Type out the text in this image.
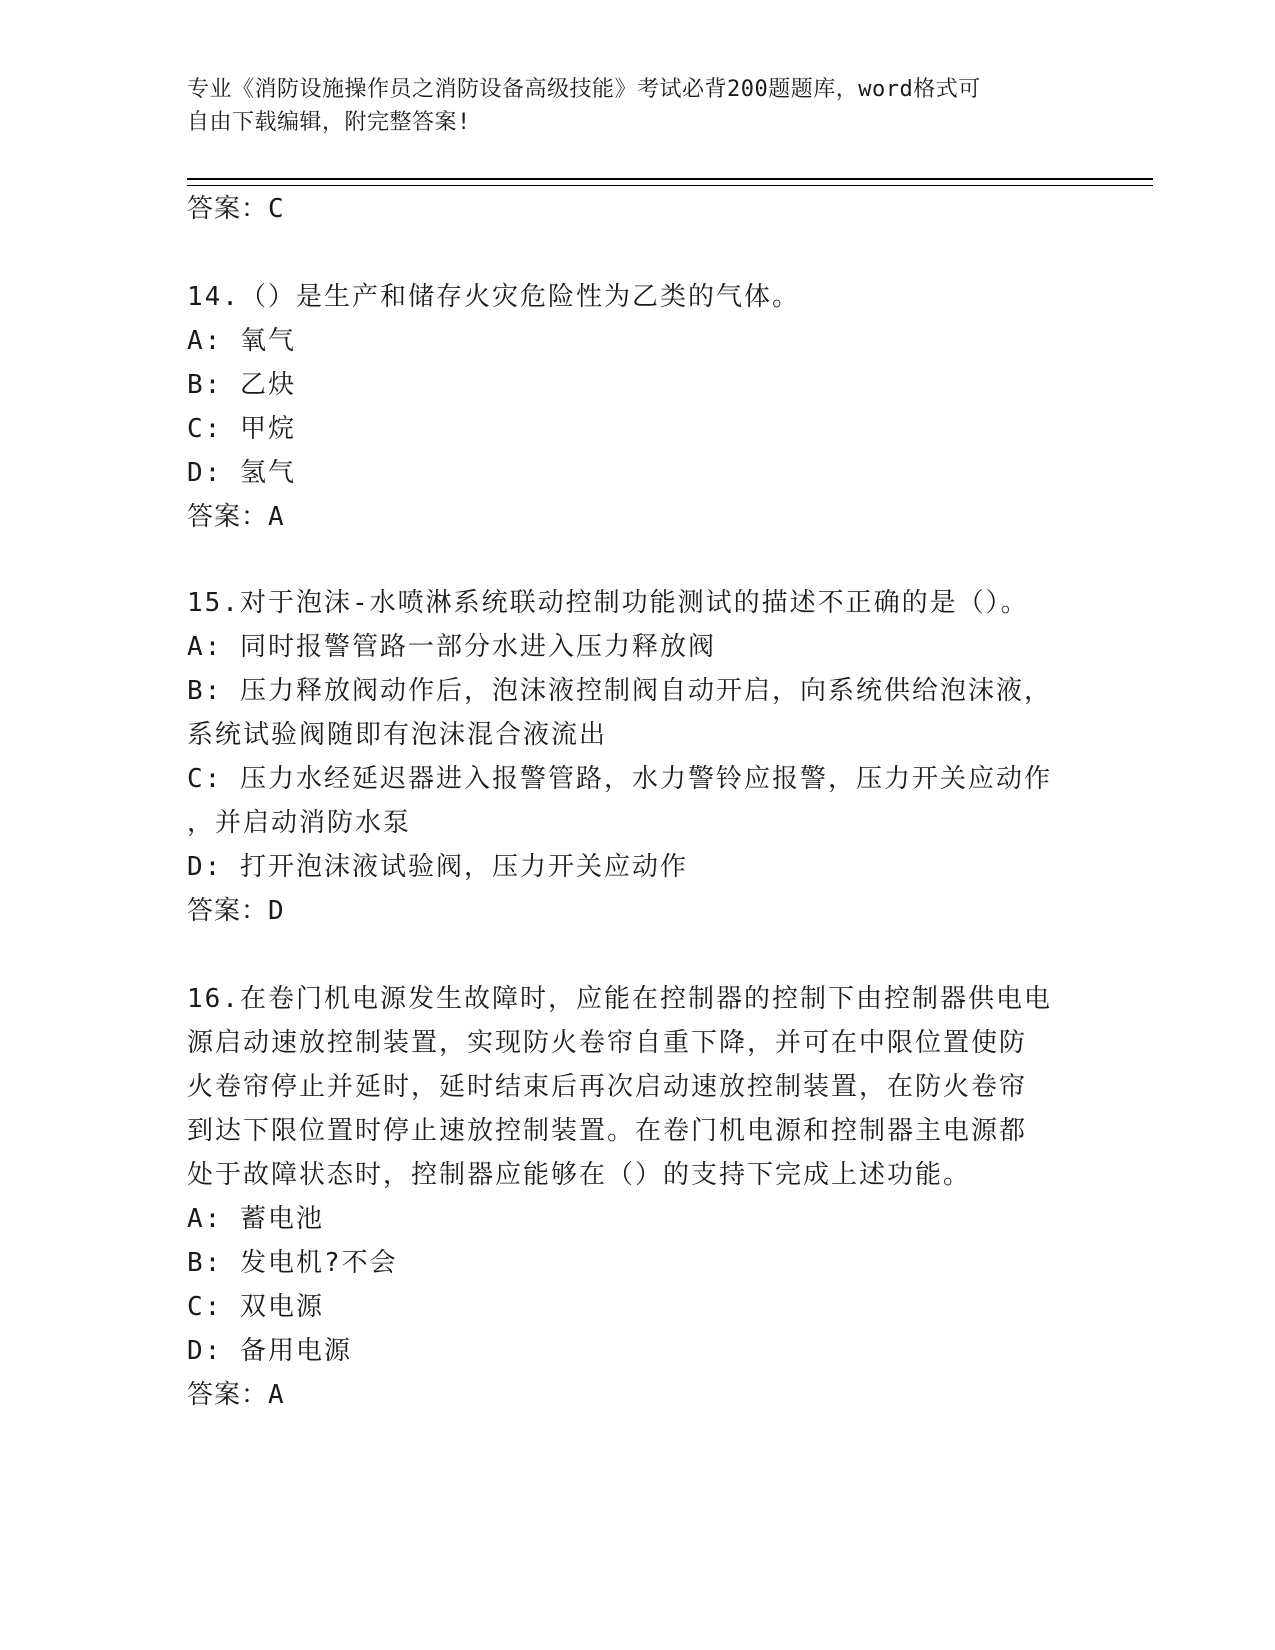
专业《消防设施操作员之消防设备高级技能》考试必背200题题库，word格式可
自由下载编辑，附完整答案!
答案：C
14.（）是生产和储存火灾危险性为乙类的气体。
A: 氧气
B: 乙炔
C: 甲烷
D: 氢气
答案：A
15.对于泡沫-水喷淋系统联动控制功能测试的描述不正确的是（）。
A: 同时报警管路一部分水进入压力释放阀
B: 压力释放阀动作后，泡沫液控制阀自动开启，向系统供给泡沫液，
系统试验阀随即有泡沫混合液流出
C: 压力水经延迟器进入报警管路，水力警铃应报警，压力开关应动作
，并启动消防水泵
D: 打开泡沫液试验阀，压力开关应动作
答案：D
16.在卷门机电源发生故障时，应能在控制器的控制下由控制器供电电
源启动速放控制装置，实现防火卷帘自重下降，并可在中限位置使防
火卷帘停止并延时，延时结束后再次启动速放控制装置，在防火卷帘
到达下限位置时停止速放控制装置。在卷门机电源和控制器主电源都
处于故障状态时，控制器应能够在（）的支持下完成上述功能。
A: 蓄电池
B: 发电机?不会
C: 双电源
D: 备用电源
答案：A
